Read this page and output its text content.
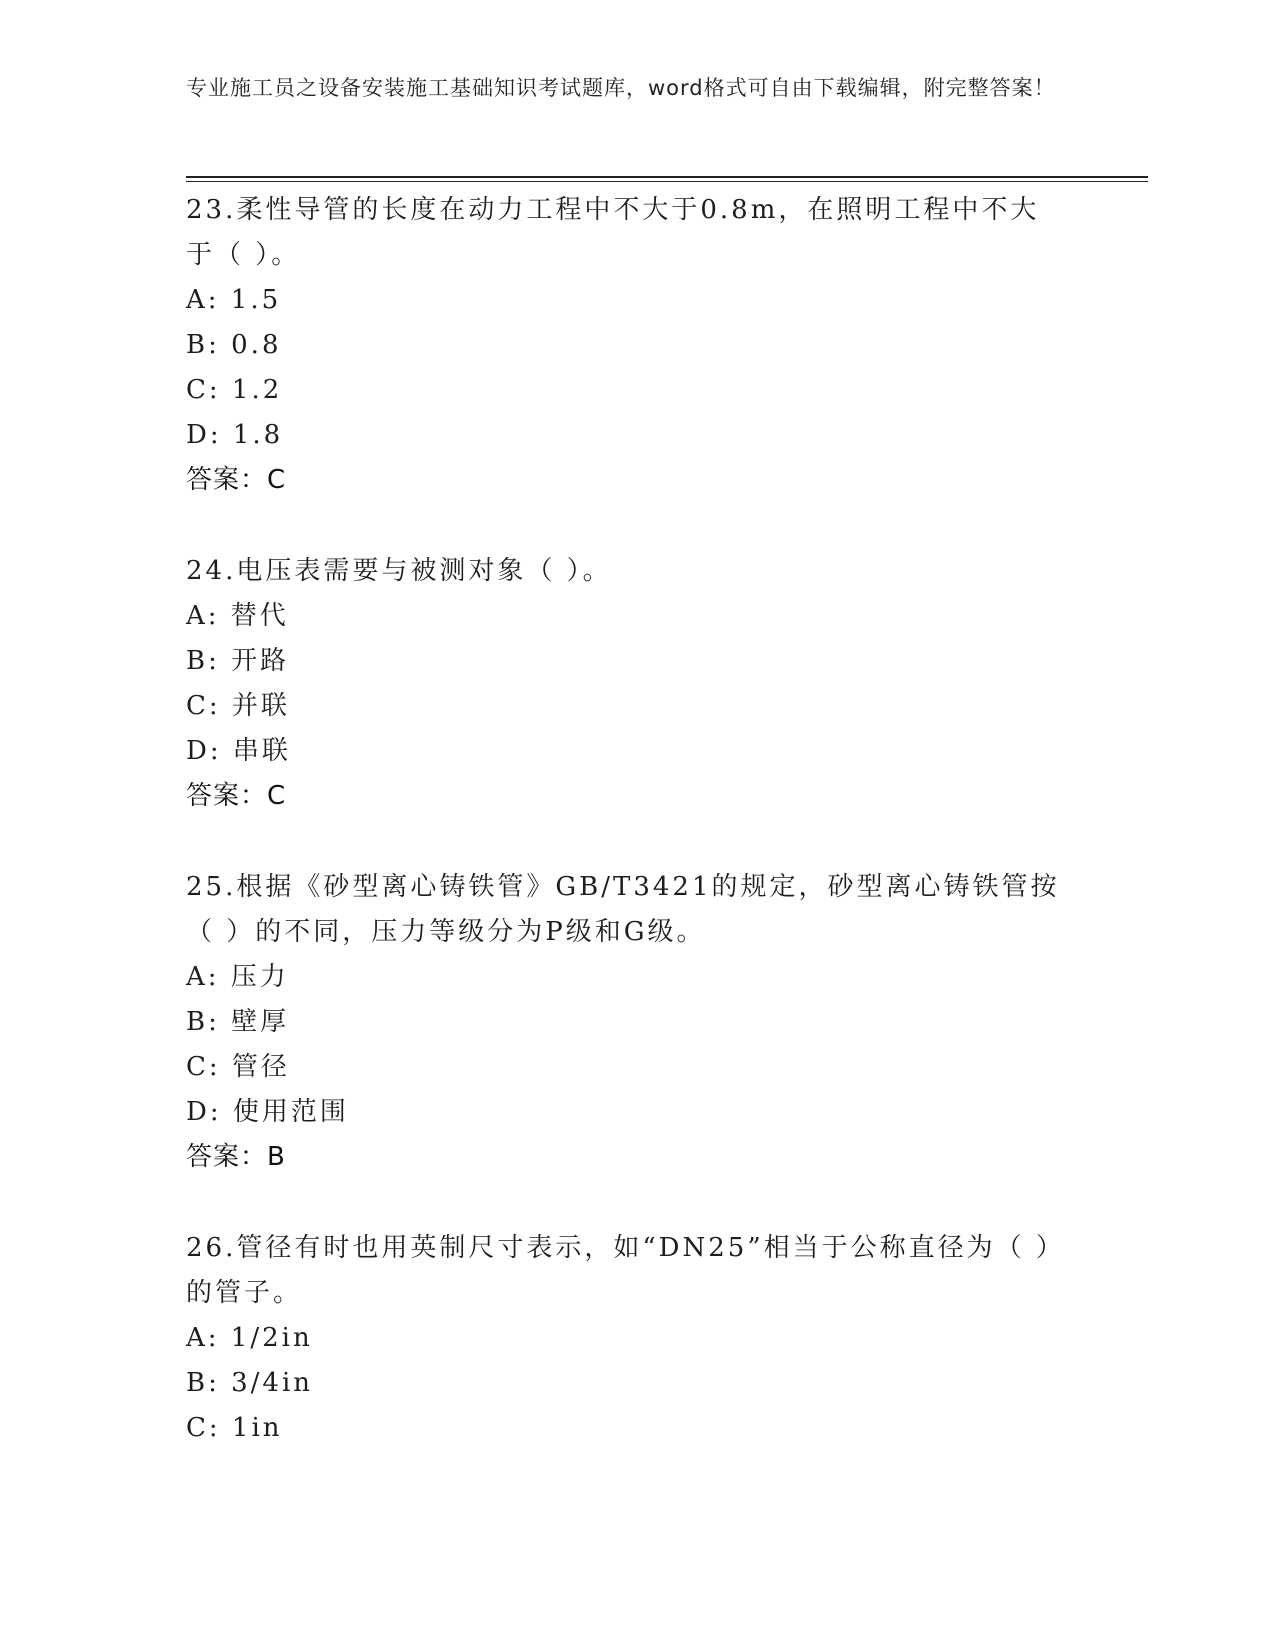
专业施工员之设备安装施工基础知识考试题库，word格式可自由下载编辑，附完整答案！
23.柔性导管的长度在动力工程中不大于0.8m，在照明工程中不大于（ ）。
A: 1.5
B: 0.8
C: 1.2
D: 1.8
答案：C
24.电压表需要与被测对象（ ）。
A: 替代
B: 开路
C: 并联
D: 串联
答案：C
25.根据《砂型离心铸铁管》GB/T3421的规定，砂型离心铸铁管按（ ）的不同，压力等级分为P级和G级。
A: 压力
B: 壁厚
C: 管径
D: 使用范围
答案：B
26.管径有时也用英制尺寸表示，如“DN25”相当于公称直径为（ ）的管子。
A: 1/2in
B: 3/4in
C: 1in
